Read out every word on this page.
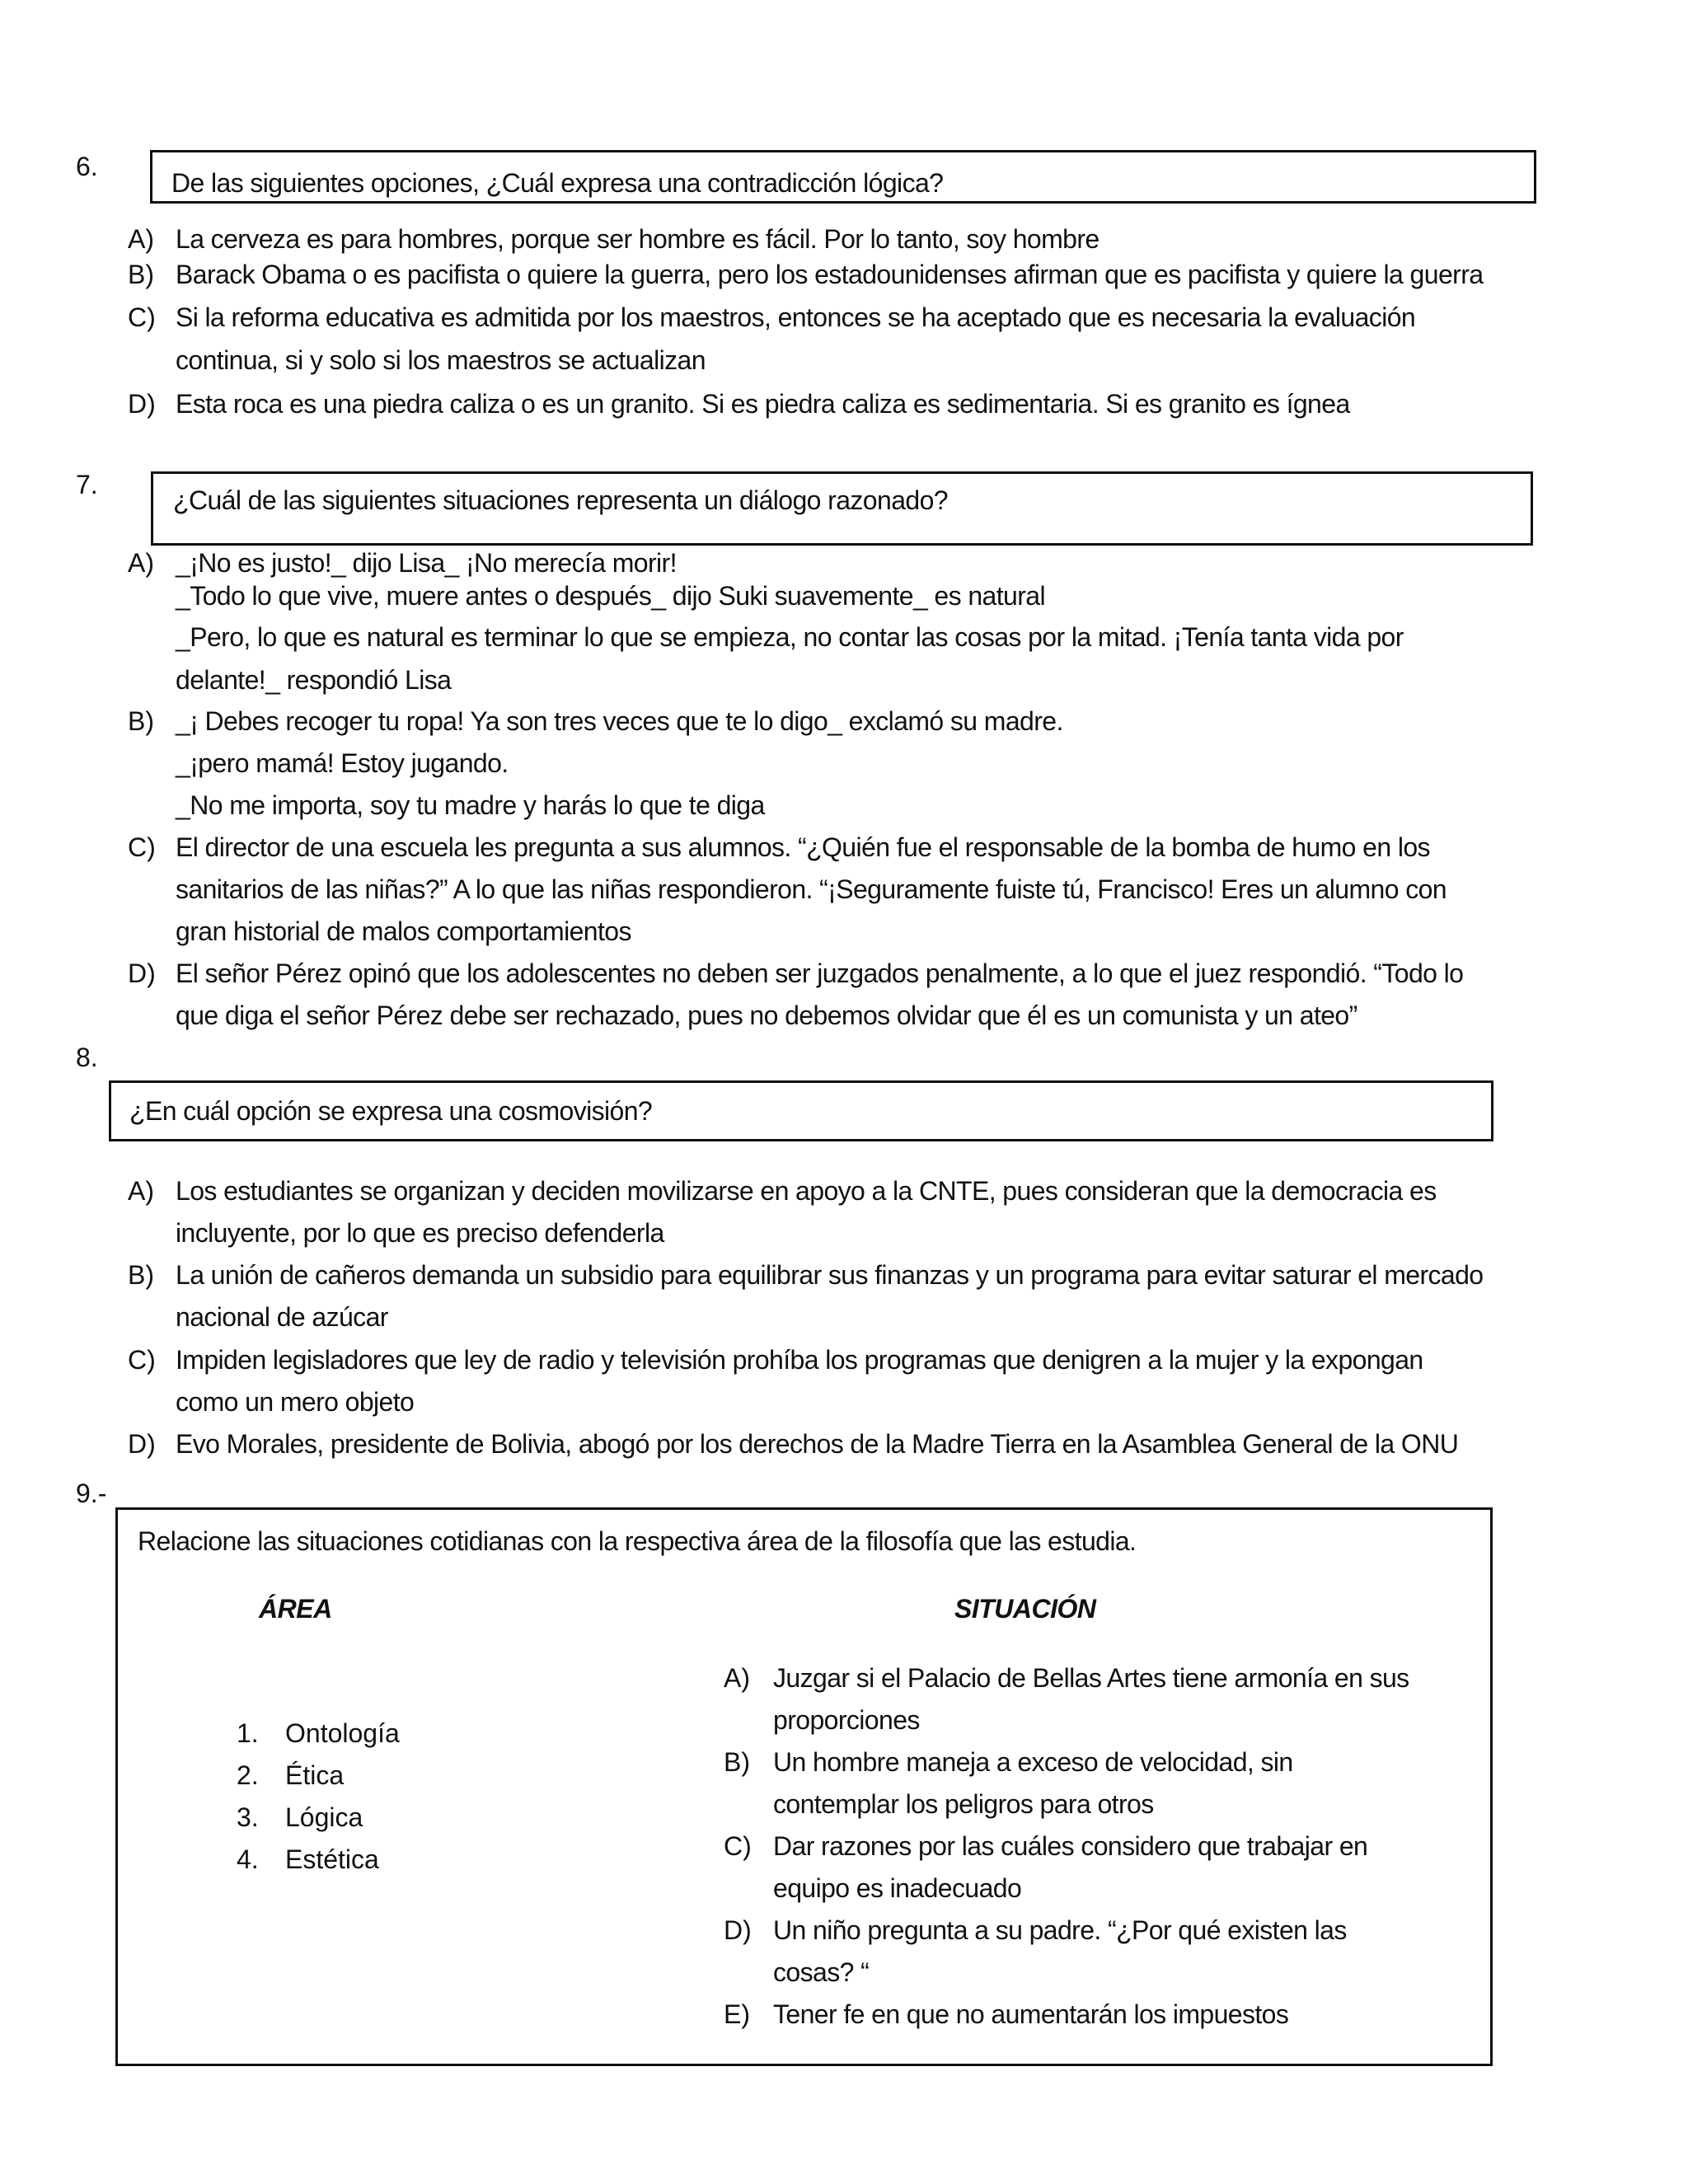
6.
De las siguientes opciones, ¿Cuál expresa una contradicción lógica?
A) La cerveza es para hombres, porque ser hombre es fácil. Por lo tanto, soy hombre
B) Barack Obama o es pacifista o quiere la guerra, pero los estadounidenses afirman que es pacifista y quiere la guerra
C) Si la reforma educativa es admitida por los maestros, entonces se ha aceptado que es necesaria la evaluación
continua, si y solo si los maestros se actualizan
D) Esta roca es una piedra caliza o es un granito. Si es piedra caliza es sedimentaria. Si es granito es ígnea
7.
¿Cuál de las siguientes situaciones representa un diálogo razonado?
A) _¡No es justo!_ dijo Lisa_ ¡No merecía morir!
_Todo lo que vive, muere antes o después_ dijo Suki suavemente_ es natural
_Pero, lo que es natural es terminar lo que se empieza, no contar las cosas por la mitad. ¡Tenía tanta vida por
delante!_ respondió Lisa
B) _¡ Debes recoger tu ropa! Ya son tres veces que te lo digo_ exclamó su madre.
_¡pero mamá! Estoy jugando.
_No me importa, soy tu madre y harás lo que te diga
C) El director de una escuela les pregunta a sus alumnos. “¿Quién fue el responsable de la bomba de humo en los
sanitarios de las niñas?” A lo que las niñas respondieron. “¡Seguramente fuiste tú, Francisco! Eres un alumno con
gran historial de malos comportamientos
D) El señor Pérez opinó que los adolescentes no deben ser juzgados penalmente, a lo que el juez respondió. “Todo lo
que diga el señor Pérez debe ser rechazado, pues no debemos olvidar que él es un comunista y un ateo”
8.
¿En cuál opción se expresa una cosmovisión?
A) Los estudiantes se organizan y deciden movilizarse en apoyo a la CNTE, pues consideran que la democracia es
incluyente, por lo que es preciso defenderla
B) La unión de cañeros demanda un subsidio para equilibrar sus finanzas y un programa para evitar saturar el mercado
nacional de azúcar
C) Impiden legisladores que ley de radio y televisión prohíba los programas que denigren a la mujer y la expongan
como un mero objeto
D) Evo Morales, presidente de Bolivia, abogó por los derechos de la Madre Tierra en la Asamblea General de la ONU
9.-
Relacione las situaciones cotidianas con la respectiva área de la filosofía que las estudia.
ÁREA	SITUACIÓN
1. Ontología
2. Ética
3. Lógica
4. Estética
A) Juzgar si el Palacio de Bellas Artes tiene armonía en sus
proporciones
B) Un hombre maneja a exceso de velocidad, sin
contemplar los peligros para otros
C) Dar razones por las cuáles considero que trabajar en
equipo es inadecuado
D) Un niño pregunta a su padre. “¿Por qué existen las
cosas? “
E) Tener fe en que no aumentarán los impuestos
